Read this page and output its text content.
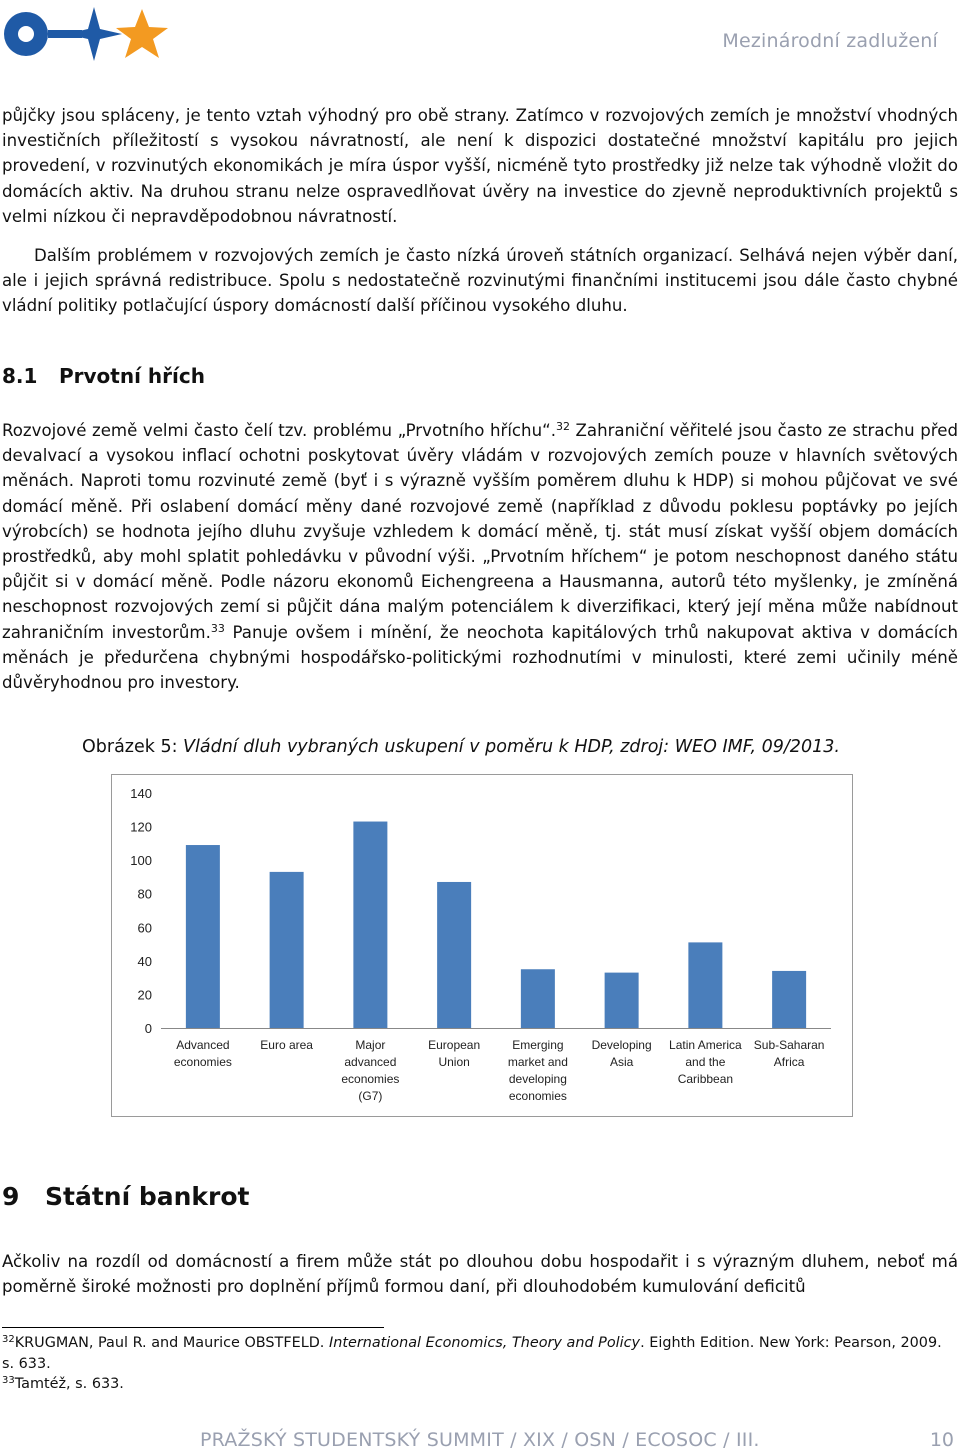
Mezinárodní zadlužení

půjčky jsou spláceny, je tento vztah výhodný pro obě strany. Zatímco v rozvojových zemích je množství vhodných investičních příležitostí s vysokou návratností, ale není k dispozici dostatečné množství kapitálu pro jejich provedení, v rozvinutých ekonomikách je míra úspor vyšší, nicméně tyto prostředky již nelze tak výhodně vložit do domácích aktiv. Na druhou stranu nelze ospravedlňovat úvěry na investice do zjevně neproduktivních projektů s velmi nízkou či nepravděpodobnou návratností.

Dalším problémem v rozvojových zemích je často nízká úroveň státních organizací. Selhává nejen výběr daní, ale i jejich správná redistribuce. Spolu s nedostatečně rozvinutými finančními institucemi jsou dále často chybné vládní politiky potlačující úspory domácností další příčinou vysokého dluhu.

8.1 Prvotní hřích

Rozvojové země velmi často čelí tzv. problému „Prvotního hříchu“.$^{32}$ Zahraniční věřitelé jsou často ze strachu před devalvací a vysokou inflací ochotni poskytovat úvěry vládám v rozvojových zemích pouze v hlavních světových měnách. Naproti tomu rozvinuté země (byť i s výrazně vyšším poměrem dluhu k HDP) si mohou půjčovat ve své domácí měně. Při oslabení domácí měny dané rozvojové země (například z důvodu poklesu poptávky po jejích výrobcích) se hodnota jejího dluhu zvyšuje vzhledem k domácí měně, tj. stát musí získat vyšší objem domácích prostředků, aby mohl splatit pohledávku v původní výši. „Prvotním hříchem“ je potom neschopnost daného státu půjčit si v domácí měně. Podle názoru ekonomů Eichengreena a Hausmanna, autorů této myšlenky, je zmíněná neschopnost rozvojových zemí si půjčit dána malým potenciálem k diverzifikaci, který její měna může nabídnout zahraničním investorům.$^{33}$ Panuje ovšem i mínění, že neochota kapitálových trhů nakupovat aktiva v domácích měnách je předurčena chybnými hospodářsko-politickými rozhodnutími v minulosti, které zemi učinily méně důvěryhodnou pro investory.

Obrázek 5: Vládní dluh vybraných uskupení v poměru k HDP, zdroj: WEO IMF, 09/2013.
0
20
40
60
80
100
120
140
Advanced economies
Euro area	Major advanced economies (G7)
European Union
Emerging market and developing economies
Developing Asia
Latin America and the Caribbean
Sub-Saharan Africa
9 Státní bankrot

Ačkoliv na rozdíl od domácností a firem může stát po dlouhou dobu hospodařit i s výrazným dluhem, neboť má poměrně široké možnosti pro doplnění příjmů formou daní, při dlouhodobém kumulování deficitů

$^{32}$KRUGMAN, Paul R. and Maurice OBSTFELD. International Economics, Theory and Policy. Eighth Edition. New York: Pearson, 2009. s. 633.

$^{33}$Tamtéž, s. 633.

PRAŽSKÝ STUDENTSKÝ SUMMIT / XIX / OSN / ECOSOC / III.	10
